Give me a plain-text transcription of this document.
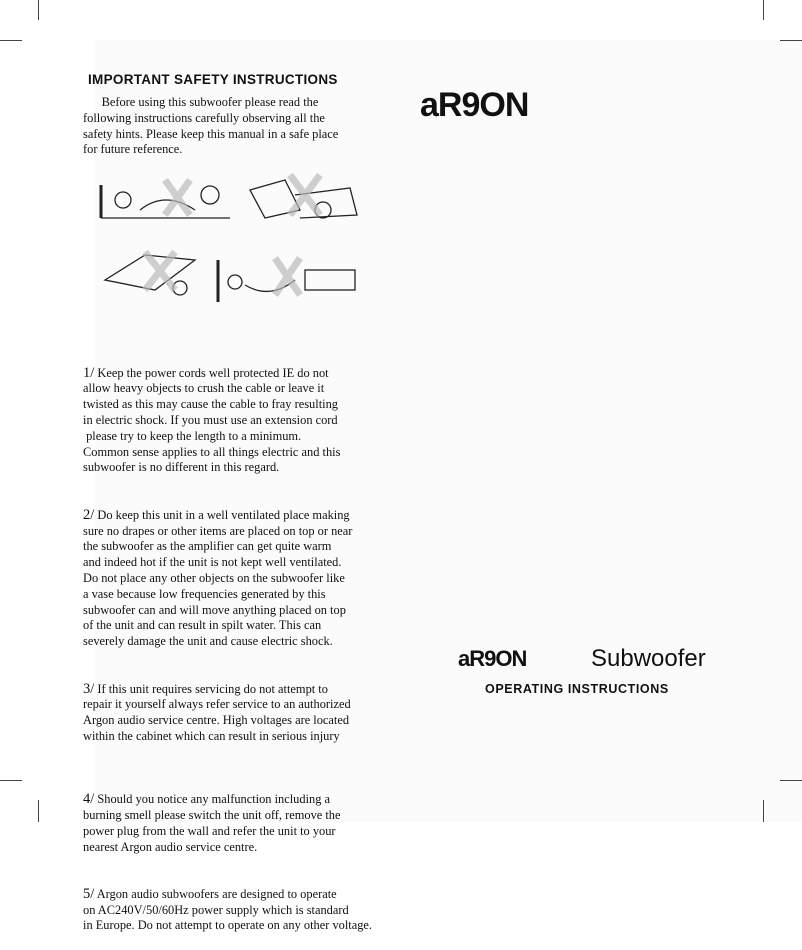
IMPORTANT SAFETY INSTRUCTIONS
Before using this subwoofer please read the
following instructions carefully observing all the
safety hints. Please keep this manual in a safe place
for future reference.

1/ Keep the power cords well protected IE do not
allow heavy objects to crush the cable or leave it
twisted as this may cause the cable to fray resulting
in electric shock. If you must use an extension cord
please try to keep the length to a minimum.
Common sense applies to all things electric and this
subwoofer is no different in this regard.

2/ Do keep this unit in a well ventilated place making
sure no drapes or other items are placed on top or near
the subwoofer as the amplifier can get quite warm
and indeed hot if the unit is not kept well ventilated.
Do not place any other objects on the subwoofer like
a vase because low frequencies generated by this
subwoofer can and will move anything placed on top
of the unit and can result in spilt water. This can
severely damage the unit and cause electric shock.

3/ If this unit requires servicing do not attempt to
repair it yourself always refer service to an authorized
Argon audio service centre. High voltages are located
within the cabinet which can result in serious injury

4/ Should you notice any malfunction including a
burning smell please switch the unit off, remove the
power plug from the wall and refer the unit to your
nearest Argon audio service centre.

5/ Argon audio subwoofers are designed to operate
on AC240V/50/60Hz power supply which is standard
in Europe. Do not attempt to operate on any other voltage.

aR9ON
aR9ON	Subwoofer
OPERATING INSTRUCTIONS
